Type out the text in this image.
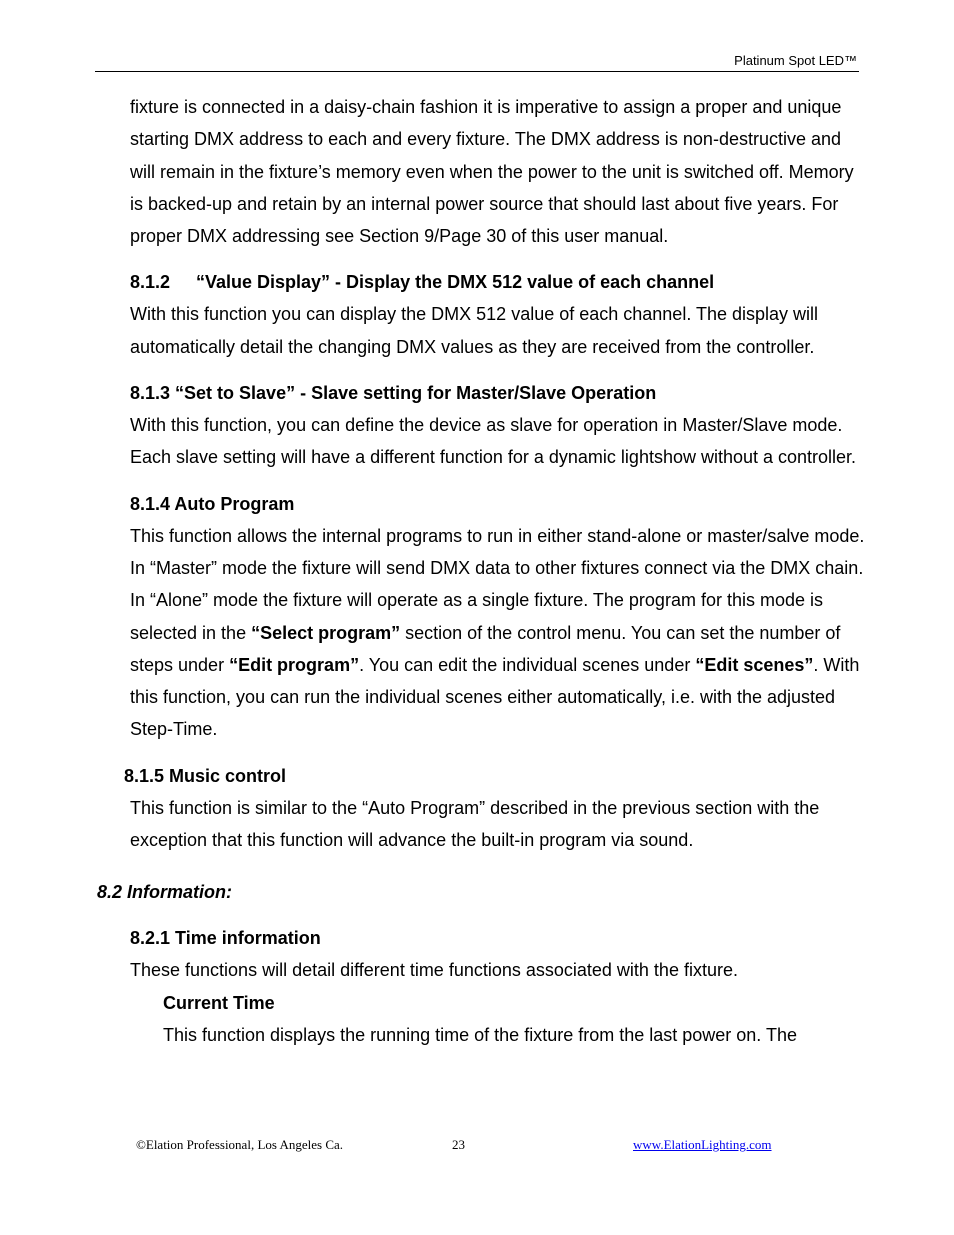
Platinum Spot LED™

fixture is connected in a daisy-chain fashion it is imperative to assign a proper and unique starting DMX address to each and every fixture. The DMX address is non-destructive and will remain in the fixture’s memory even when the power to the unit is switched off. Memory is backed-up and retain by an internal power source that should last about five years. For proper DMX addressing see Section 9/Page 30 of this user manual.

8.1.2 “Value Display” - Display the DMX 512 value of each channel

With this function you can display the DMX 512 value of each channel. The display will automatically detail the changing DMX values as they are received from the controller.

8.1.3 “Set to Slave” - Slave setting for Master/Slave Operation

With this function, you can define the device as slave for operation in Master/Slave mode. Each slave setting will have a different function for a dynamic lightshow without a controller.

8.1.4 Auto Program

This function allows the internal programs to run in either stand-alone or master/salve mode. In “Master” mode the fixture will send DMX data to other fixtures connect via the DMX chain. In “Alone” mode the fixture will operate as a single fixture. The program for this mode is selected in the “Select program” section of the control menu. You can set the number of steps under “Edit program”. You can edit the individual scenes under “Edit scenes”. With this function, you can run the individual scenes either automatically, i.e. with the adjusted Step-Time.

8.1.5 Music control

This function is similar to the “Auto Program” described in the previous section with the exception that this function will advance the built-in program via sound.

8.2 Information:
8.2.1 Time information

These functions will detail different time functions associated with the fixture.

Current Time

This function displays the running time of the fixture from the last power on. The

©Elation Professional, Los Angeles Ca.	23	www.ElationLighting.com
